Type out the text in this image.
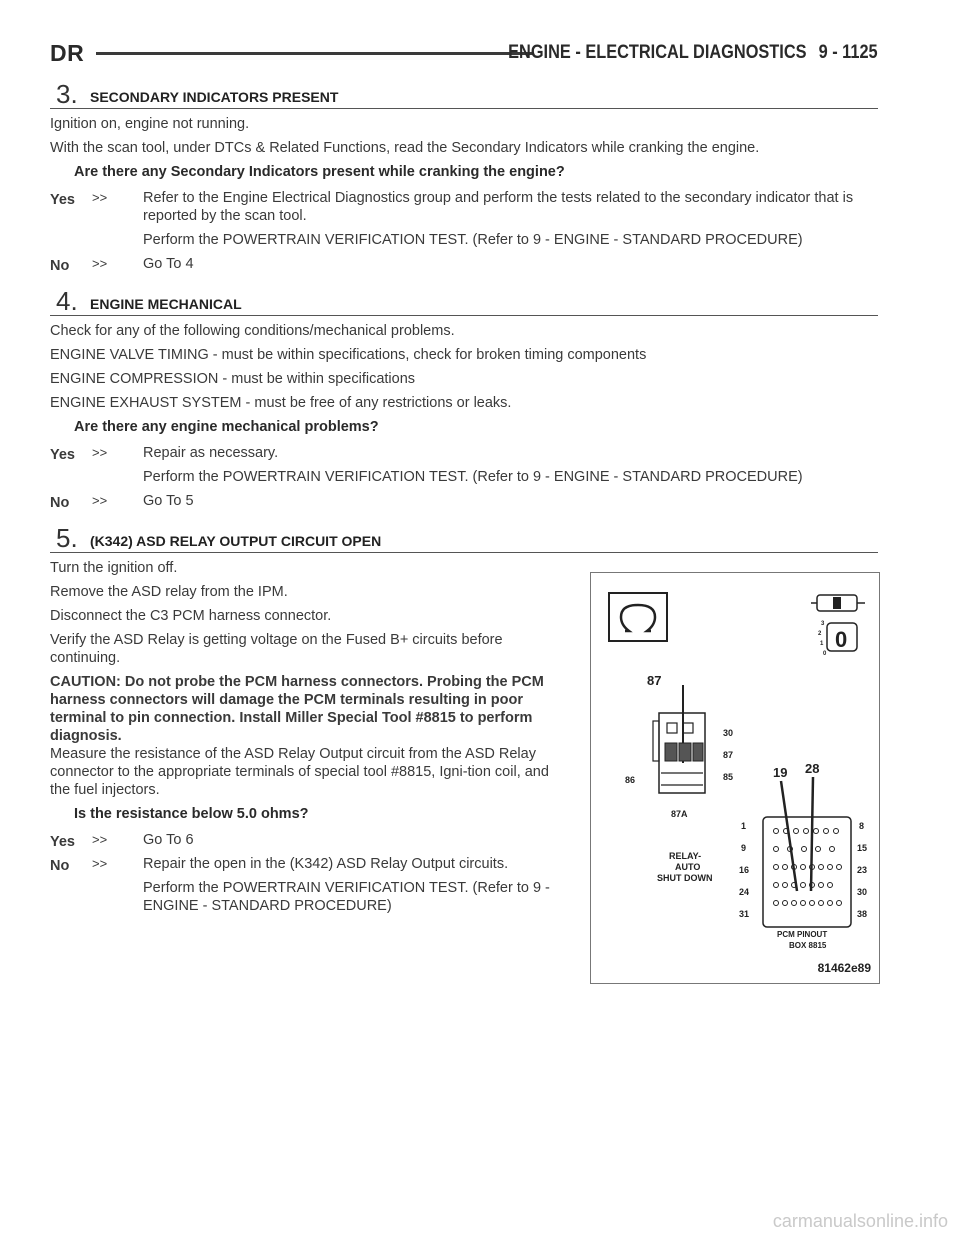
DR	ENGINE - ELECTRICAL DIAGNOSTICS 9 - 1125
3. SECONDARY INDICATORS PRESENT

Ignition on, engine not running.

With the scan tool, under DTCs & Related Functions, read the Secondary Indicators while cranking the engine.

Are there any Secondary Indicators present while cranking the engine?
Yes	>> Refer to the Engine Electrical Diagnostics group and perform the tests related to the secondary indicator that is reported by the scan tool.
Perform the POWERTRAIN VERIFICATION TEST. (Refer to 9 - ENGINE - STANDARD PROCEDURE)
No	>> Go To 4
4. ENGINE MECHANICAL

Check for any of the following conditions/mechanical problems.

ENGINE VALVE TIMING - must be within specifications, check for broken timing components

ENGINE COMPRESSION - must be within specifications

ENGINE EXHAUST SYSTEM - must be free of any restrictions or leaks.

Are there any engine mechanical problems?
Yes	>> Repair as necessary.
Perform the POWERTRAIN VERIFICATION TEST. (Refer to 9 - ENGINE - STANDARD PROCEDURE)
No	>> Go To 5
5. (K342) ASD RELAY OUTPUT CIRCUIT OPEN

Turn the ignition off.

Remove the ASD relay from the IPM.

Disconnect the C3 PCM harness connector.

Verify the ASD Relay is getting voltage on the Fused B+ circuits before continuing.

CAUTION: Do not probe the PCM harness connectors. Probing the PCM harness connectors will damage the PCM terminals resulting in poor terminal to pin connection. Install Miller Special Tool #8815 to perform diagnosis.

Measure the resistance of the ASD Relay Output circuit from the ASD Relay connector to the appropriate terminals of special tool #8815, Igni-tion coil, and the fuel injectors.

Is the resistance below 5.0 ohms?
Yes	>> Go To 6
No	>> Repair the open in the (K342) ASD Relay Output circuits.
Perform the POWERTRAIN VERIFICATION TEST. (Refer to 9 - ENGINE - STANDARD PROCEDURE)
3
2
1
0
0
87
30
87
85
86
87A
RELAY-
AUTO
SHUT DOWN
19 28
1
9
16
24
31
8
15
23
30
38
PCM PINOUT
BOX 8815
81462e89
carmanualsonline.info
